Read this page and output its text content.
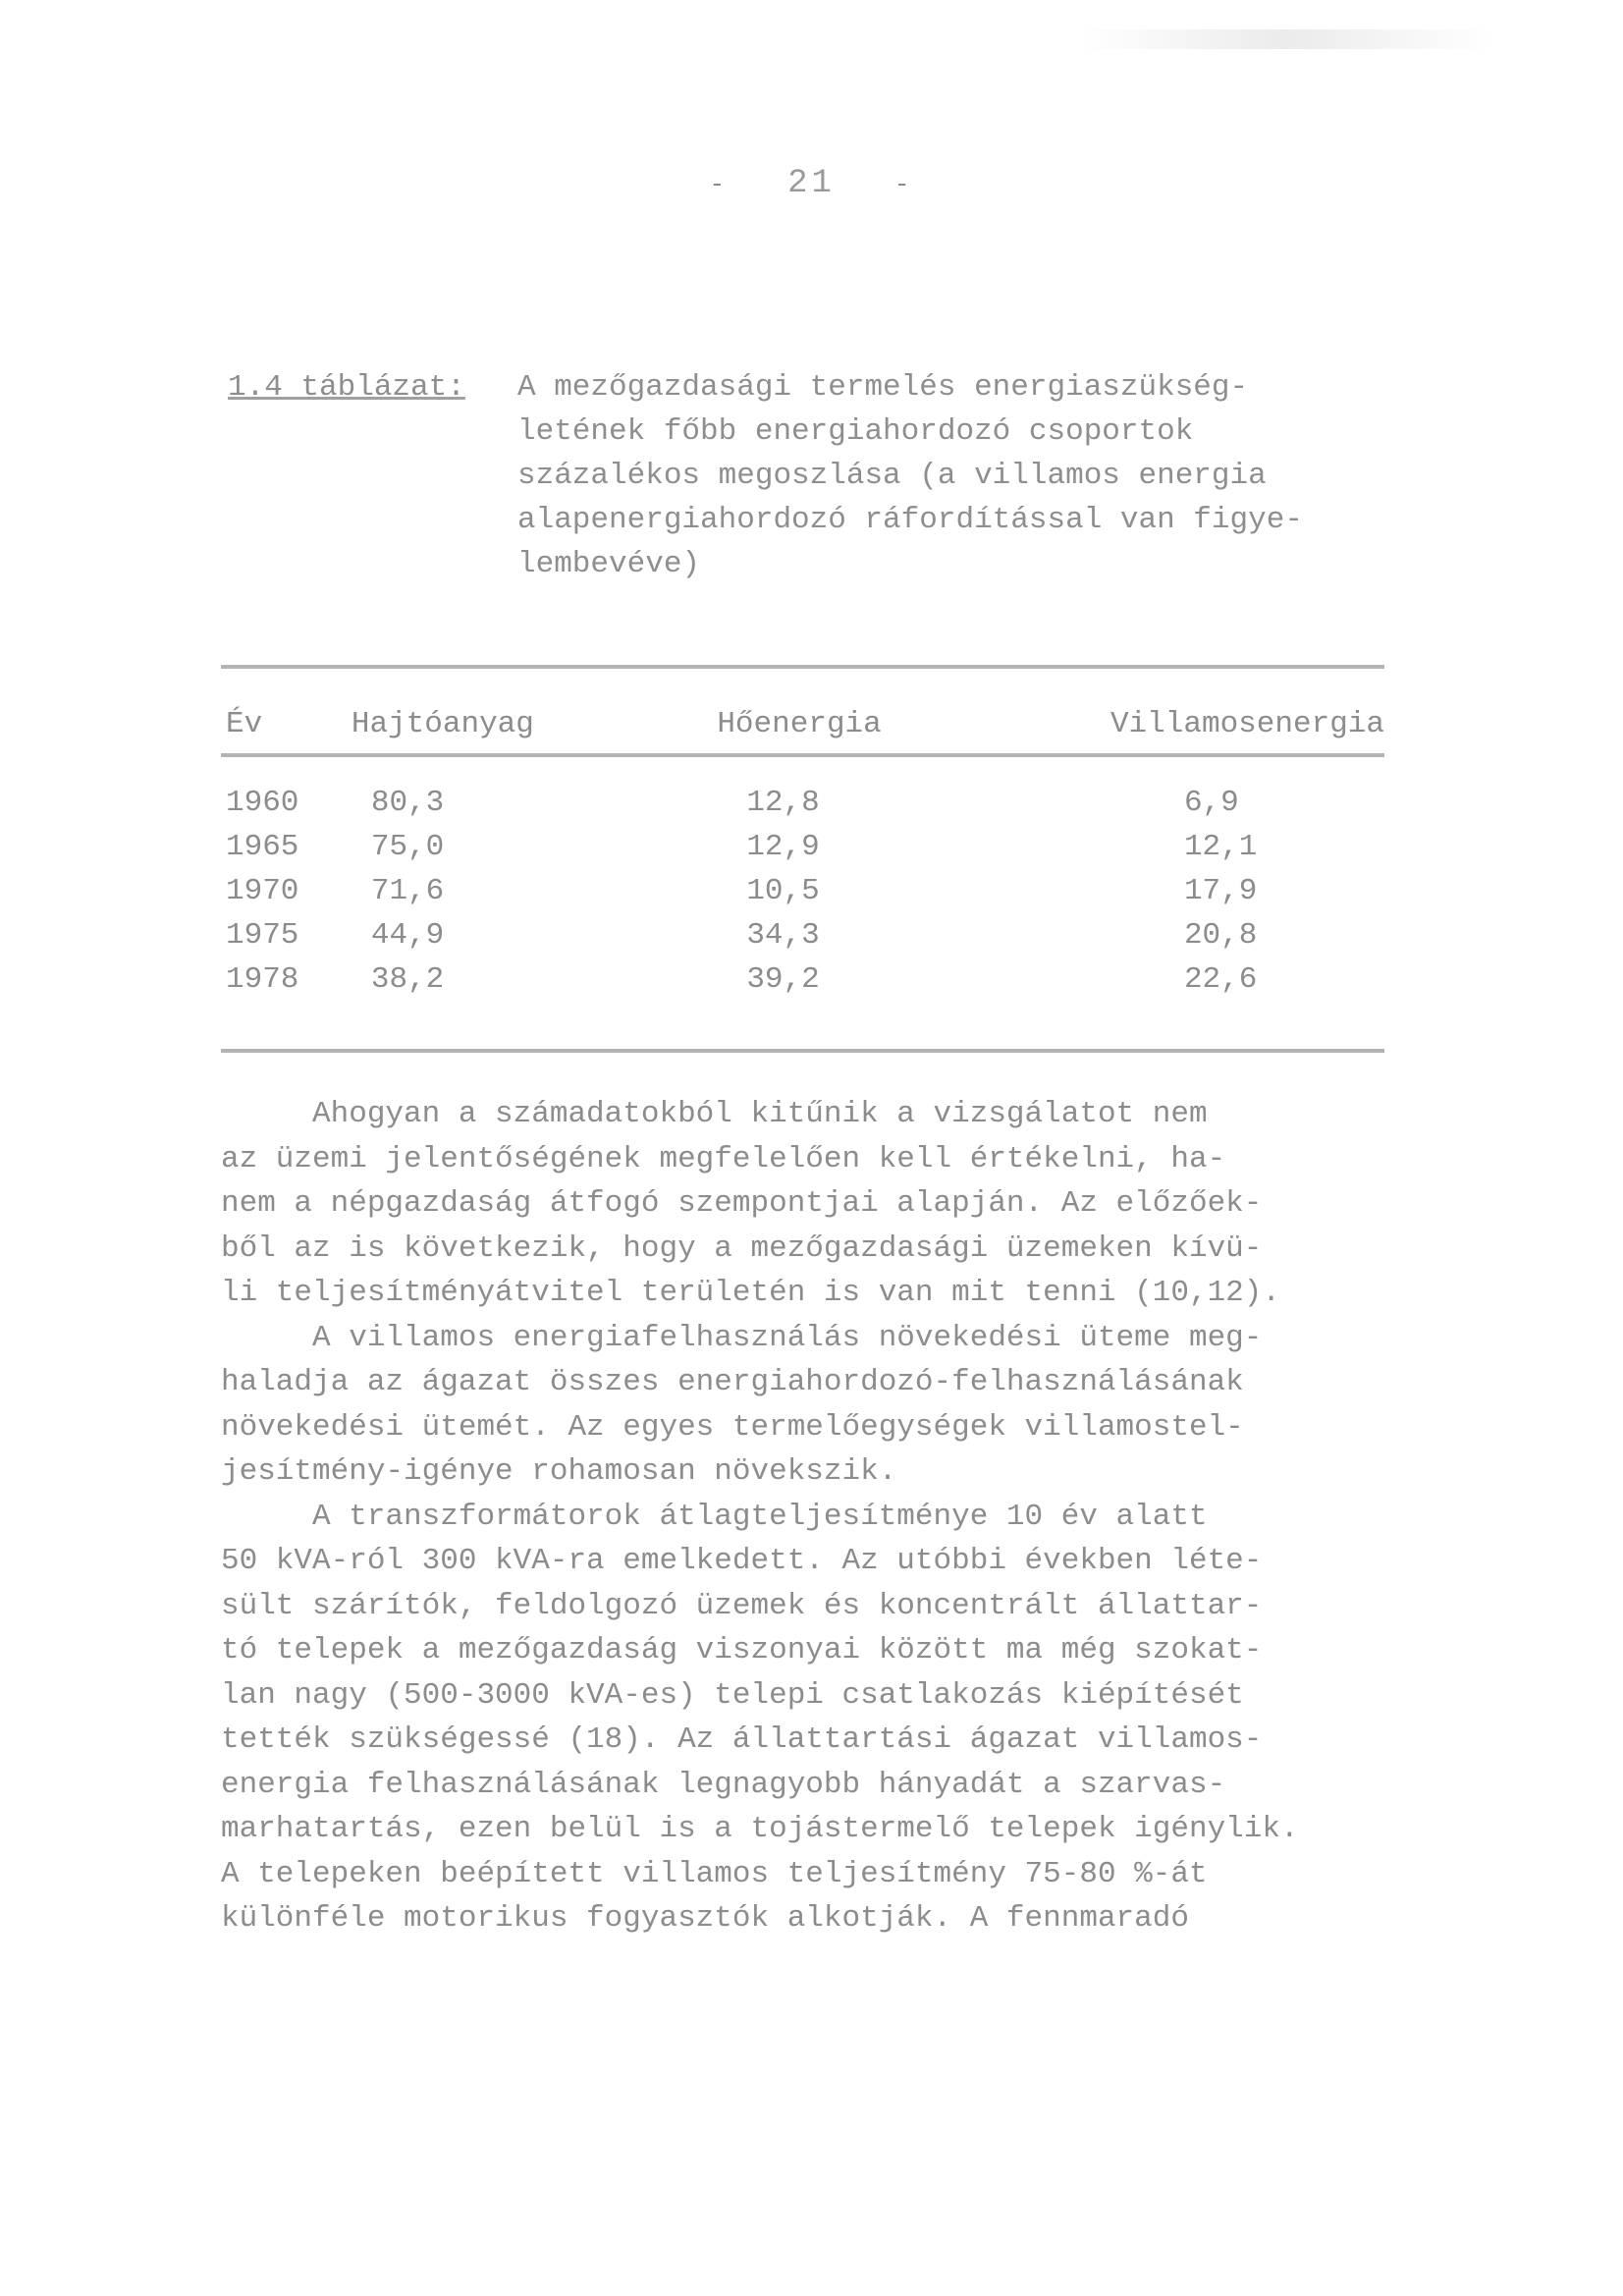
- 21 -
1.4 táblázat: A mezőgazdasági termelés energiaszükség-
letének főbb energiahordozó csoportok
százalékos megoszlása (a villamos energia
alapenergiahordozó ráfordítással van figye-
lembevéve)
Év	Hajtóanyag	Hőenergia	Villamosenergia

1960	80,3	12,8	6,9
1965	75,0	12,9	12,1
1970	71,6	10,5	17,9
1975	44,9	34,3	20,8
1978	38,2	39,2	22,6

Ahogyan a számadatokból kitűnik a vizsgálatot nem

az üzemi jelentőségének megfelelően kell értékelni, ha-

nem a népgazdaság átfogó szempontjai alapján. Az előzőek-

ből az is következik, hogy a mezőgazdasági üzemeken kívü-

li teljesítményátvitel területén is van mit tenni (10,12).

A villamos energiafelhasználás növekedési üteme meg-

haladja az ágazat összes energiahordozó-felhasználásának

növekedési ütemét. Az egyes termelőegységek villamostel-

jesítmény-igénye rohamosan növekszik.

A transzformátorok átlagteljesítménye 10 év alatt

50 kVA-ról 300 kVA-ra emelkedett. Az utóbbi években léte-

sült szárítók, feldolgozó üzemek és koncentrált állattar-

tó telepek a mezőgazdaság viszonyai között ma még szokat-

lan nagy (500-3000 kVA-es) telepi csatlakozás kiépítését

tették szükségessé (18). Az állattartási ágazat villamos-

energia felhasználásának legnagyobb hányadát a szarvas-

marhatartás, ezen belül is a tojástermelő telepek igénylik.

A telepeken beépített villamos teljesítmény 75-80 %-át

különféle motorikus fogyasztók alkotják. A fennmaradó
